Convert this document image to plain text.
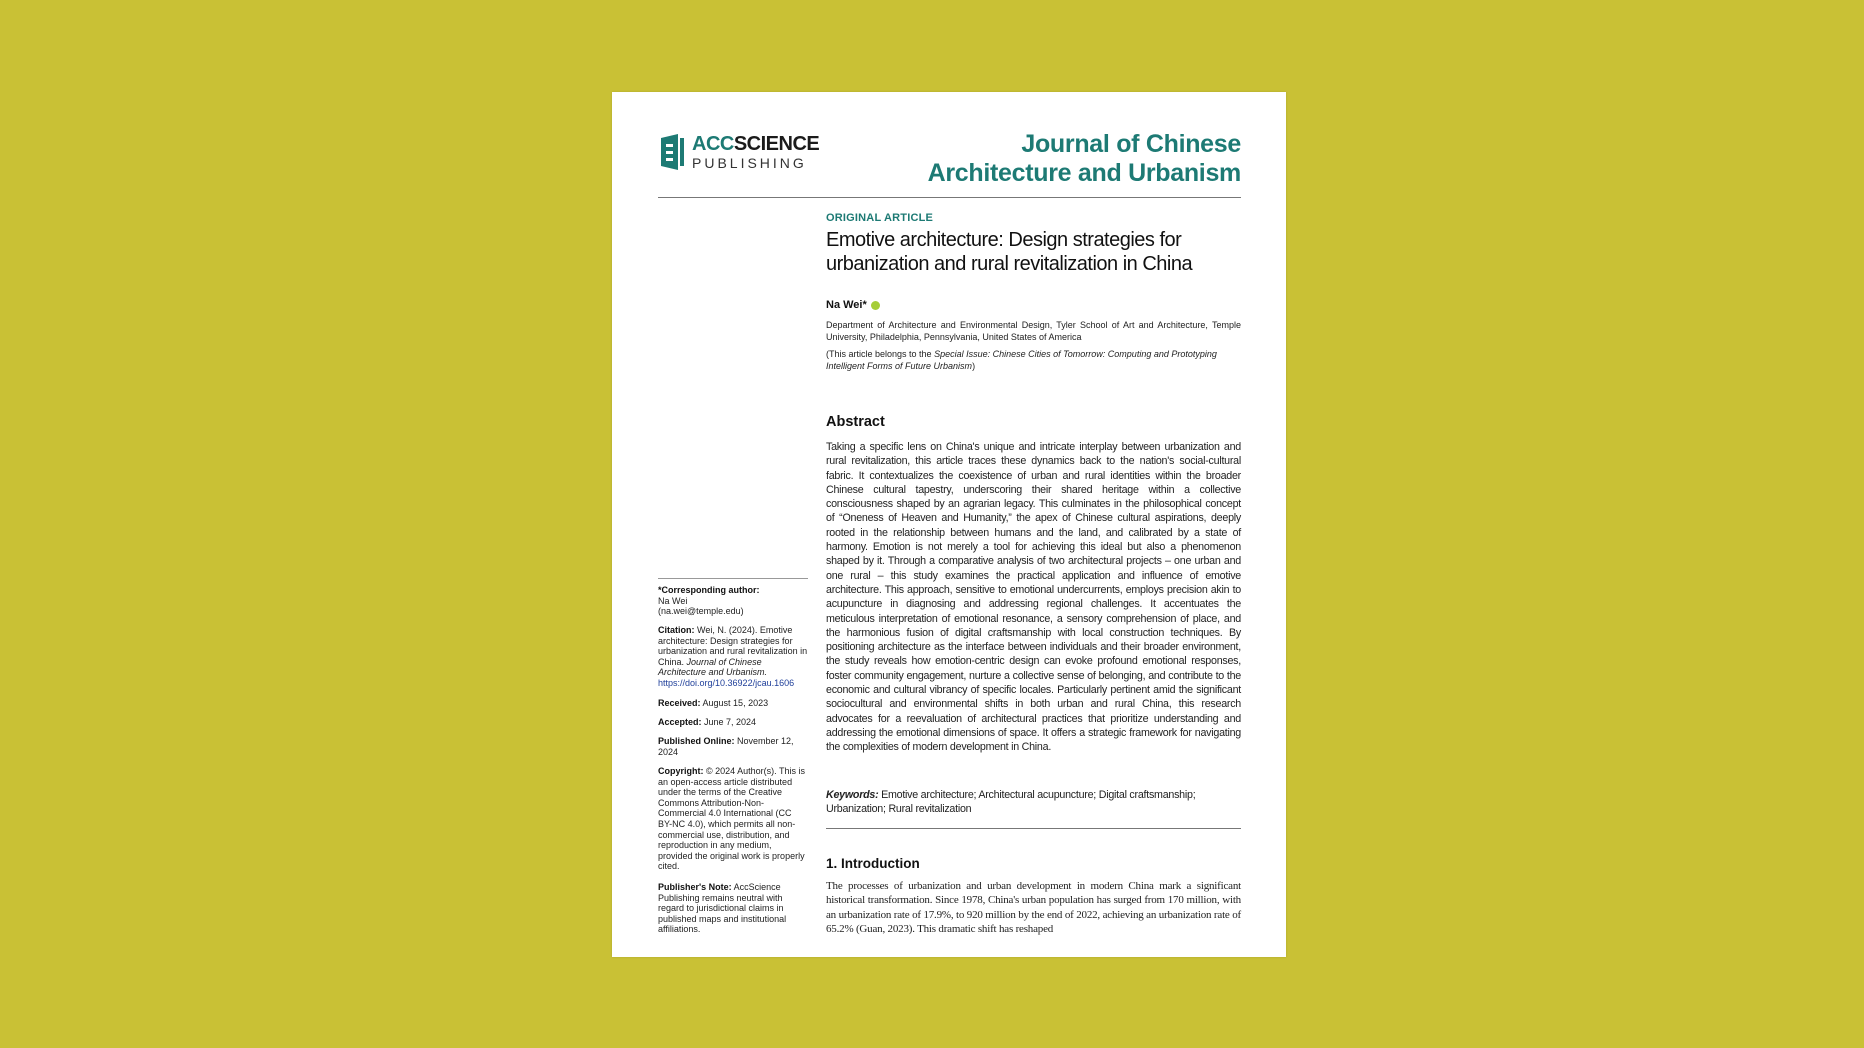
ACCSCIENCE
PUBLISHING
Journal of Chinese
Architecture and Urbanism
ORIGINAL ARTICLE
Emotive architecture: Design strategies for urbanization and rural revitalization in China
Na Wei*
Department of Architecture and Environmental Design, Tyler School of Art and Architecture, Temple University, Philadelphia, Pennsylvania, United States of America
(This article belongs to the Special Issue: Chinese Cities of Tomorrow: Computing and Prototyping Intelligent Forms of Future Urbanism)
Abstract
Taking a specific lens on China's unique and intricate interplay between urbanization and rural revitalization, this article traces these dynamics back to the nation's social-cultural fabric. It contextualizes the coexistence of urban and rural identities within the broader Chinese cultural tapestry, underscoring their shared heritage within a collective consciousness shaped by an agrarian legacy. This culminates in the philosophical concept of “Oneness of Heaven and Humanity,” the apex of Chinese cultural aspirations, deeply rooted in the relationship between humans and the land, and calibrated by a state of harmony. Emotion is not merely a tool for achieving this ideal but also a phenomenon shaped by it. Through a comparative analysis of two architectural projects – one urban and one rural – this study examines the practical application and influence of emotive architecture. This approach, sensitive to emotional undercurrents, employs precision akin to acupuncture in diagnosing and addressing regional challenges. It accentuates the meticulous interpretation of emotional resonance, a sensory comprehension of place, and the harmonious fusion of digital craftsmanship with local construction techniques. By positioning architecture as the interface between individuals and their broader environment, the study reveals how emotion-centric design can evoke profound emotional responses, foster community engagement, nurture a collective sense of belonging, and contribute to the economic and cultural vibrancy of specific locales. Particularly pertinent amid the significant sociocultural and environmental shifts in both urban and rural China, this research advocates for a reevaluation of architectural practices that prioritize understanding and addressing the emotional dimensions of space. It offers a strategic framework for navigating the complexities of modern development in China.
Keywords: Emotive architecture; Architectural acupuncture; Digital craftsmanship; Urbanization; Rural revitalization
1. Introduction
The processes of urbanization and urban development in modern China mark a significant historical transformation. Since 1978, China's urban population has surged from 170 million, with an urbanization rate of 17.9%, to 920 million by the end of 2022, achieving an urbanization rate of 65.2% (Guan, 2023). This dramatic shift has reshaped
*Corresponding author:
Na Wei
(na.wei@temple.edu)
Citation: Wei, N. (2024). Emotive architecture: Design strategies for urbanization and rural revitalization in China. Journal of Chinese Architecture and Urbanism.
https://doi.org/10.36922/jcau.1606
Received: August 15, 2023
Accepted: June 7, 2024
Published Online: November 12, 2024
Copyright: © 2024 Author(s). This is an open-access article distributed under the terms of the Creative Commons Attribution-Non-Commercial 4.0 International (CC BY-NC 4.0), which permits all non-commercial use, distribution, and reproduction in any medium, provided the original work is properly cited.
Publisher's Note: AccScience Publishing remains neutral with regard to jurisdictional claims in published maps and institutional affiliations.
